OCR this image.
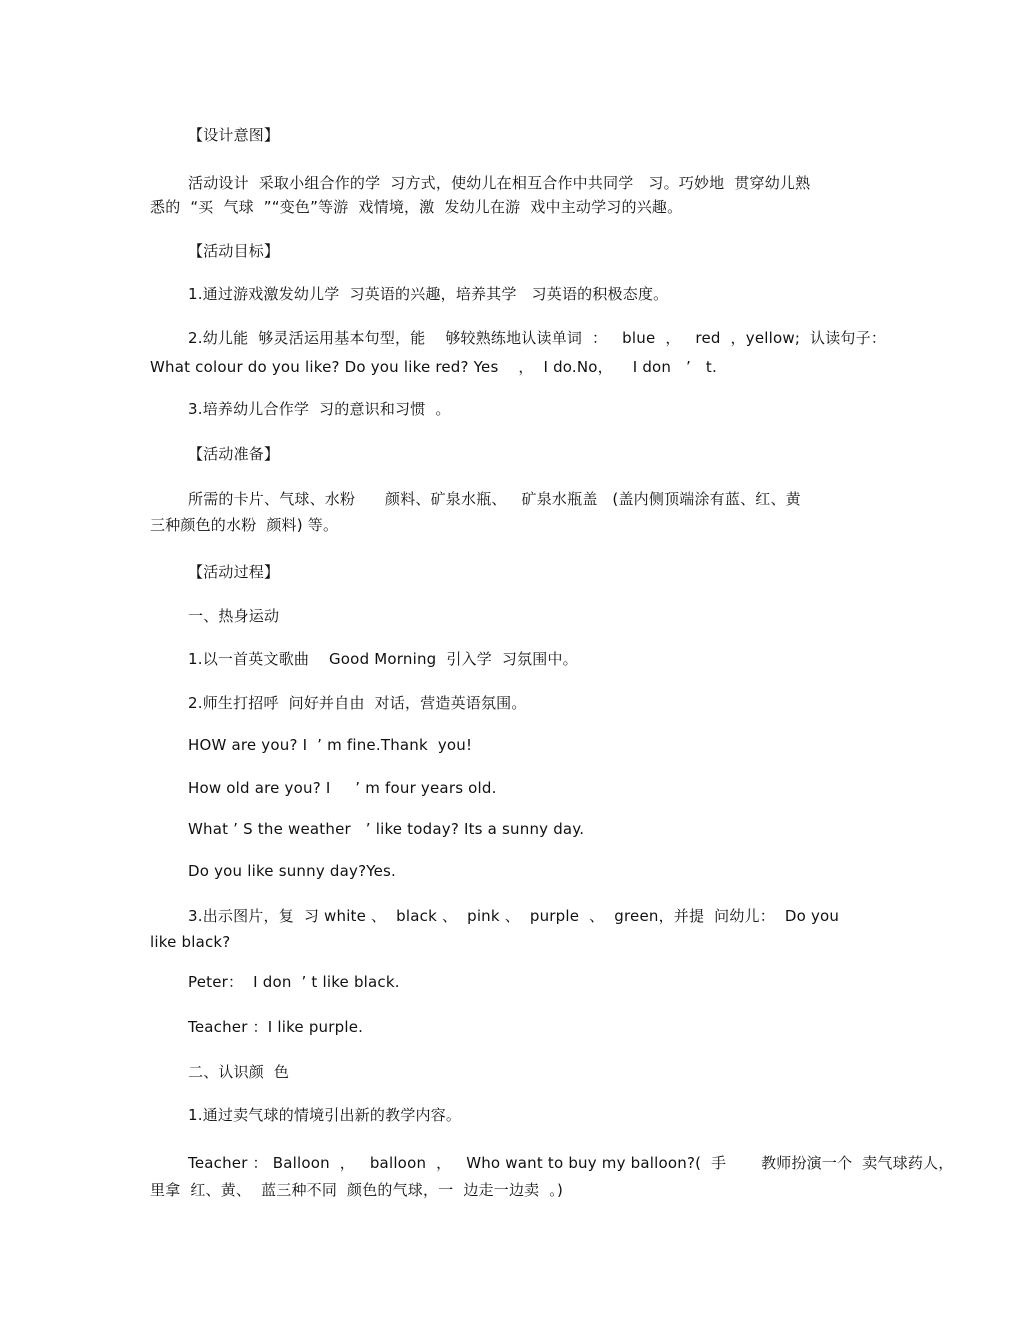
【设计意图】
活动设计  采取小组合作的学  习方式，使幼儿在相互合作中共同学   习。巧妙地  贯穿幼儿熟
悉的  “买  气球  ”“变色”等游  戏情境，激  发幼儿在游  戏中主动学习的兴趣。
【活动目标】
1.通过游戏激发幼儿学  习英语的兴趣，培养其学   习英语的积极态度。
2.幼儿能  够灵活运用基本句型，能    够较熟练地认读单词  ：   blue  ，   red  ，yellow;  认读句子：
What colour do you like? Do you like red? Yes    ，  I do.No，    I don   ’   t.
3.培养幼儿合作学  习的意识和习惯  。
【活动准备】
所需的卡片、气球、水粉      颜料、矿泉水瓶、   矿泉水瓶盖   (盖内侧顶端涂有蓝、红、黄
三种颜色的水粉  颜料) 等。
【活动过程】
一、热身运动
1.以一首英文歌曲    Good Morning  引入学  习氛围中。
2.师生打招呼  问好并自由  对话，营造英语氛围。
HOW are you? I  ’ m fine.Thank  you!
How old are you? I     ’ m four years old.
What ’ S the weather   ’ like today? Its a sunny day.
Do you like sunny day?Yes.
3.出示图片，复  习 white 、  black 、  pink 、  purple  、  green，并提  问幼儿：  Do you
like black?
Peter：  I don  ’ t like black.
Teacher ：I like purple.
二、认识颜  色
1.通过卖气球的情境引出新的教学内容。
Teacher ： Balloon  ，   balloon  ，   Who want to buy my balloon?(  手       教师扮演一个  卖气球药人，
里拿  红、黄、  蓝三种不同  颜色的气球，一  边走一边卖  。)
